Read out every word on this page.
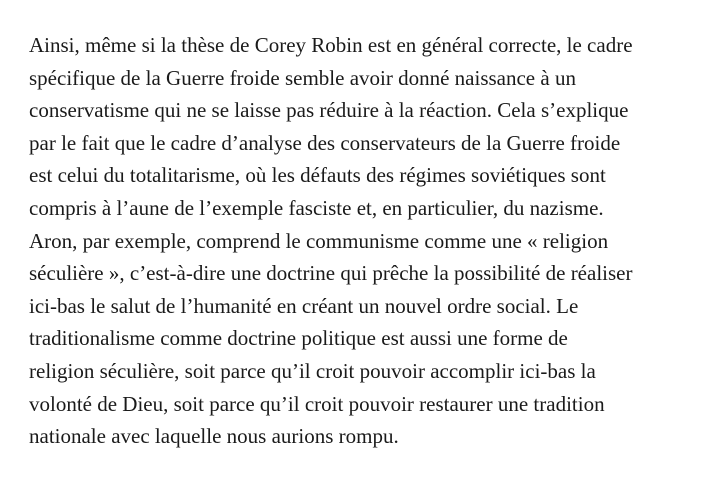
Ainsi, même si la thèse de Corey Robin est en général correcte, le cadre
spécifique de la Guerre froide semble avoir donné naissance à un
conservatisme qui ne se laisse pas réduire à la réaction. Cela s’explique
par le fait que le cadre d’analyse des conservateurs de la Guerre froide
est celui du totalitarisme, où les défauts des régimes soviétiques sont
compris à l’aune de l’exemple fasciste et, en particulier, du nazisme.
Aron, par exemple, comprend le communisme comme une « religion
séculière », c’est-à-dire une doctrine qui prêche la possibilité de réaliser
ici-bas le salut de l’humanité en créant un nouvel ordre social. Le
traditionalisme comme doctrine politique est aussi une forme de
religion séculière, soit parce qu’il croit pouvoir accomplir ici-bas la
volonté de Dieu, soit parce qu’il croit pouvoir restaurer une tradition
nationale avec laquelle nous aurions rompu.
